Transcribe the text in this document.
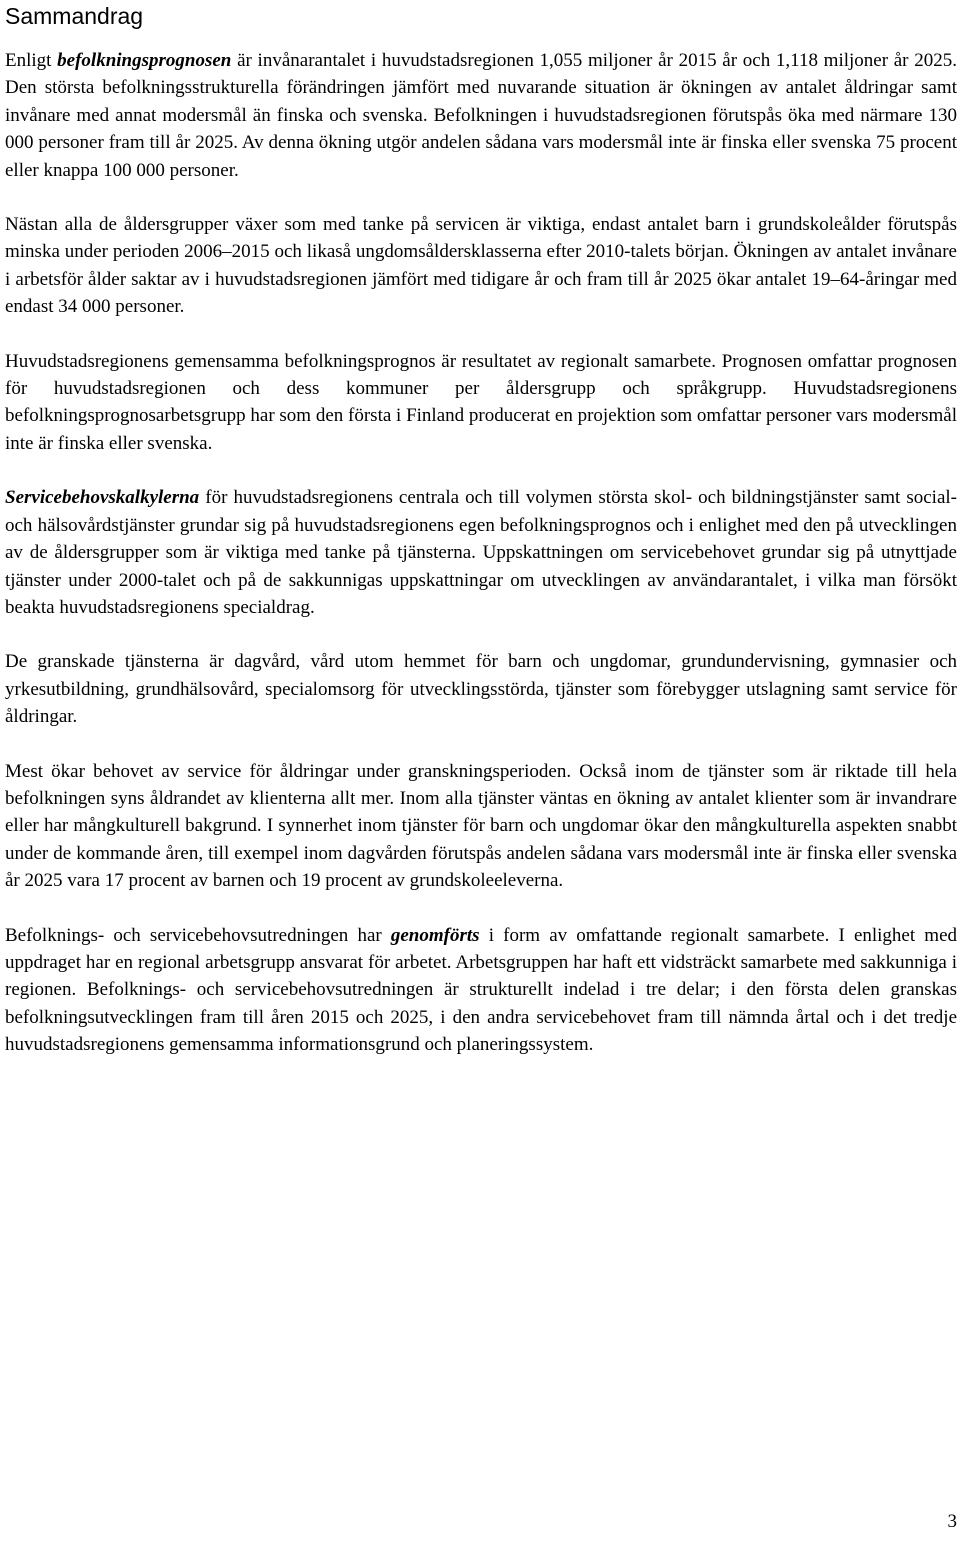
Sammandrag

Enligt befolkningsprognosen är invånarantalet i huvudstadsregionen 1,055 miljoner år 2015 år och 1,118 miljoner år 2025. Den största befolkningsstrukturella förändringen jämfört med nuvarande situation är ökningen av antalet åldringar samt invånare med annat modersmål än finska och svenska. Befolkningen i huvudstadsregionen förutspås öka med närmare 130 000 personer fram till år 2025. Av denna ökning utgör andelen sådana vars modersmål inte är finska eller svenska 75 procent eller knappa 100 000 personer.

Nästan alla de åldersgrupper växer som med tanke på servicen är viktiga, endast antalet barn i grundskoleålder förutspås minska under perioden 2006–2015 och likaså ungdomsåldersklasserna efter 2010-talets början. Ökningen av antalet invånare i arbetsför ålder saktar av i huvudstadsregionen jämfört med tidigare år och fram till år 2025 ökar antalet 19–64-åringar med endast 34 000 personer.

Huvudstadsregionens gemensamma befolkningsprognos är resultatet av regionalt samarbete. Prognosen omfattar prognosen för huvudstadsregionen och dess kommuner per åldersgrupp och språkgrupp. Huvudstadsregionens befolkningsprognosarbetsgrupp har som den första i Finland producerat en projektion som omfattar personer vars modersmål inte är finska eller svenska.

Servicebehovskalkylerna för huvudstadsregionens centrala och till volymen största skol- och bildningstjänster samt social- och hälsovårdstjänster grundar sig på huvudstadsregionens egen befolkningsprognos och i enlighet med den på utvecklingen av de åldersgrupper som är viktiga med tanke på tjänsterna. Uppskattningen om servicebehovet grundar sig på utnyttjade tjänster under 2000-talet och på de sakkunnigas uppskattningar om utvecklingen av användarantalet, i vilka man försökt beakta huvudstadsregionens specialdrag.

De granskade tjänsterna är dagvård, vård utom hemmet för barn och ungdomar, grundundervisning, gymnasier och yrkesutbildning, grundhälsovård, specialomsorg för utvecklingsstörda, tjänster som förebygger utslagning samt service för åldringar.

Mest ökar behovet av service för åldringar under granskningsperioden. Också inom de tjänster som är riktade till hela befolkningen syns åldrandet av klienterna allt mer. Inom alla tjänster väntas en ökning av antalet klienter som är invandrare eller har mångkulturell bakgrund. I synnerhet inom tjänster för barn och ungdomar ökar den mångkulturella aspekten snabbt under de kommande åren, till exempel inom dagvården förutspås andelen sådana vars modersmål inte är finska eller svenska år 2025 vara 17 procent av barnen och 19 procent av grundskoleeleverna.

Befolknings- och servicebehovsutredningen har genomförts i form av omfattande regionalt samarbete. I enlighet med uppdraget har en regional arbetsgrupp ansvarat för arbetet. Arbetsgruppen har haft ett vidsträckt samarbete med sakkunniga i regionen. Befolknings- och servicebehovsutredningen är strukturellt indelad i tre delar; i den första delen granskas befolkningsutvecklingen fram till åren 2015 och 2025, i den andra servicebehovet fram till nämnda årtal och i det tredje huvudstadsregionens gemensamma informationsgrund och planeringssystem.

3
